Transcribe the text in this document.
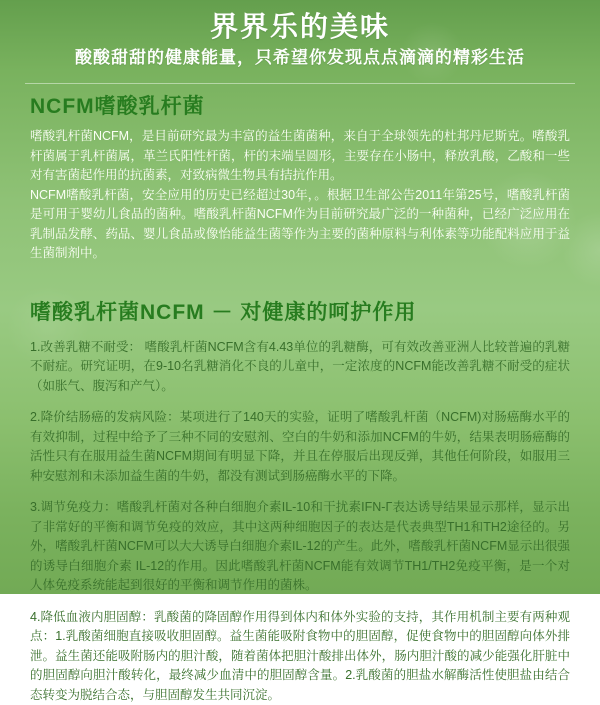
界界乐的美味
酸酸甜甜的健康能量，只希望你发现点点滴滴的精彩生活
NCFM嗜酸乳杆菌

嗜酸乳杆菌NCFM，是目前研究最为丰富的益生菌菌种，来自于全球领先的杜邦丹尼斯克。嗜酸乳杆菌属于乳杆菌属，革兰氏阳性杆菌，杆的末端呈圆形，主要存在小肠中，释放乳酸，乙酸和一些对有害菌起作用的抗菌素，对致病微生物具有拮抗作用。

NCFM嗜酸乳杆菌，安全应用的历史已经超过30年，。根据卫生部公告2011年第25号，嗜酸乳杆菌是可用于婴幼儿食品的菌种。嗜酸乳杆菌NCFM作为目前研究最广泛的一种菌种，已经广泛应用在乳制品发酵、药品、婴儿食品或像怡能益生菌等作为主要的菌种原料与利体素等功能配料应用于益生菌制剂中。

嗜酸乳杆菌NCFM － 对健康的呵护作用

1.改善乳糖不耐受： 嗜酸乳杆菌NCFM含有4.43单位的乳糖酶，可有效改善亚洲人比较普遍的乳糖不耐症。研究证明，在9-10名乳糖消化不良的儿童中，一定浓度的NCFM能改善乳糖不耐受的症状（如胀气、腹泻和产气）。

2.降价结肠癌的发病风险：某项进行了140天的实验，证明了嗜酸乳杆菌（NCFM)对肠癌酶水平的有效抑制，过程中给予了三种不同的安慰剂、空白的牛奶和添加NCFM的牛奶，结果表明肠癌酶的活性只有在服用益生菌NCFM期间有明显下降，并且在停服后出现反弹，其他任何阶段，如服用三种安慰剂和未添加益生菌的牛奶，都没有测试到肠癌酶水平的下降。

3.调节免疫力：嗜酸乳杆菌对各种白细胞介素IL-10和干扰素IFN-Γ表达诱导结果显示那样，显示出了非常好的平衡和调节免疫的效应，其中这两种细胞因子的表达是代表典型TH1和TH2途径的。另外，嗜酸乳杆菌NCFM可以大大诱导白细胞介素IL-12的产生。此外，嗜酸乳杆菌NCFM显示出很强的诱导白细胞介素 IL-12的作用。因此嗜酸乳杆菌NCFM能有效调节TH1/TH2免疫平衡，是一个对人体免疫系统能起到很好的平衡和调节作用的菌株。

4.降低血液内胆固醇：乳酸菌的降固醇作用得到体内和体外实验的支持，其作用机制主要有两种观点：1.乳酸菌细胞直接吸收胆固醇。益生菌能吸附食物中的胆固醇，促使食物中的胆固醇向体外排泄。益生菌还能吸附肠内的胆汁酸，随着菌体把胆汁酸排出体外，肠内胆汁酸的减少能强化肝脏中的胆固醇向胆汁酸转化，最终减少血清中的胆固醇含量。2.乳酸菌的胆盐水解酶活性使胆盐由结合态转变为脱结合态，与胆固醇发生共同沉淀。
